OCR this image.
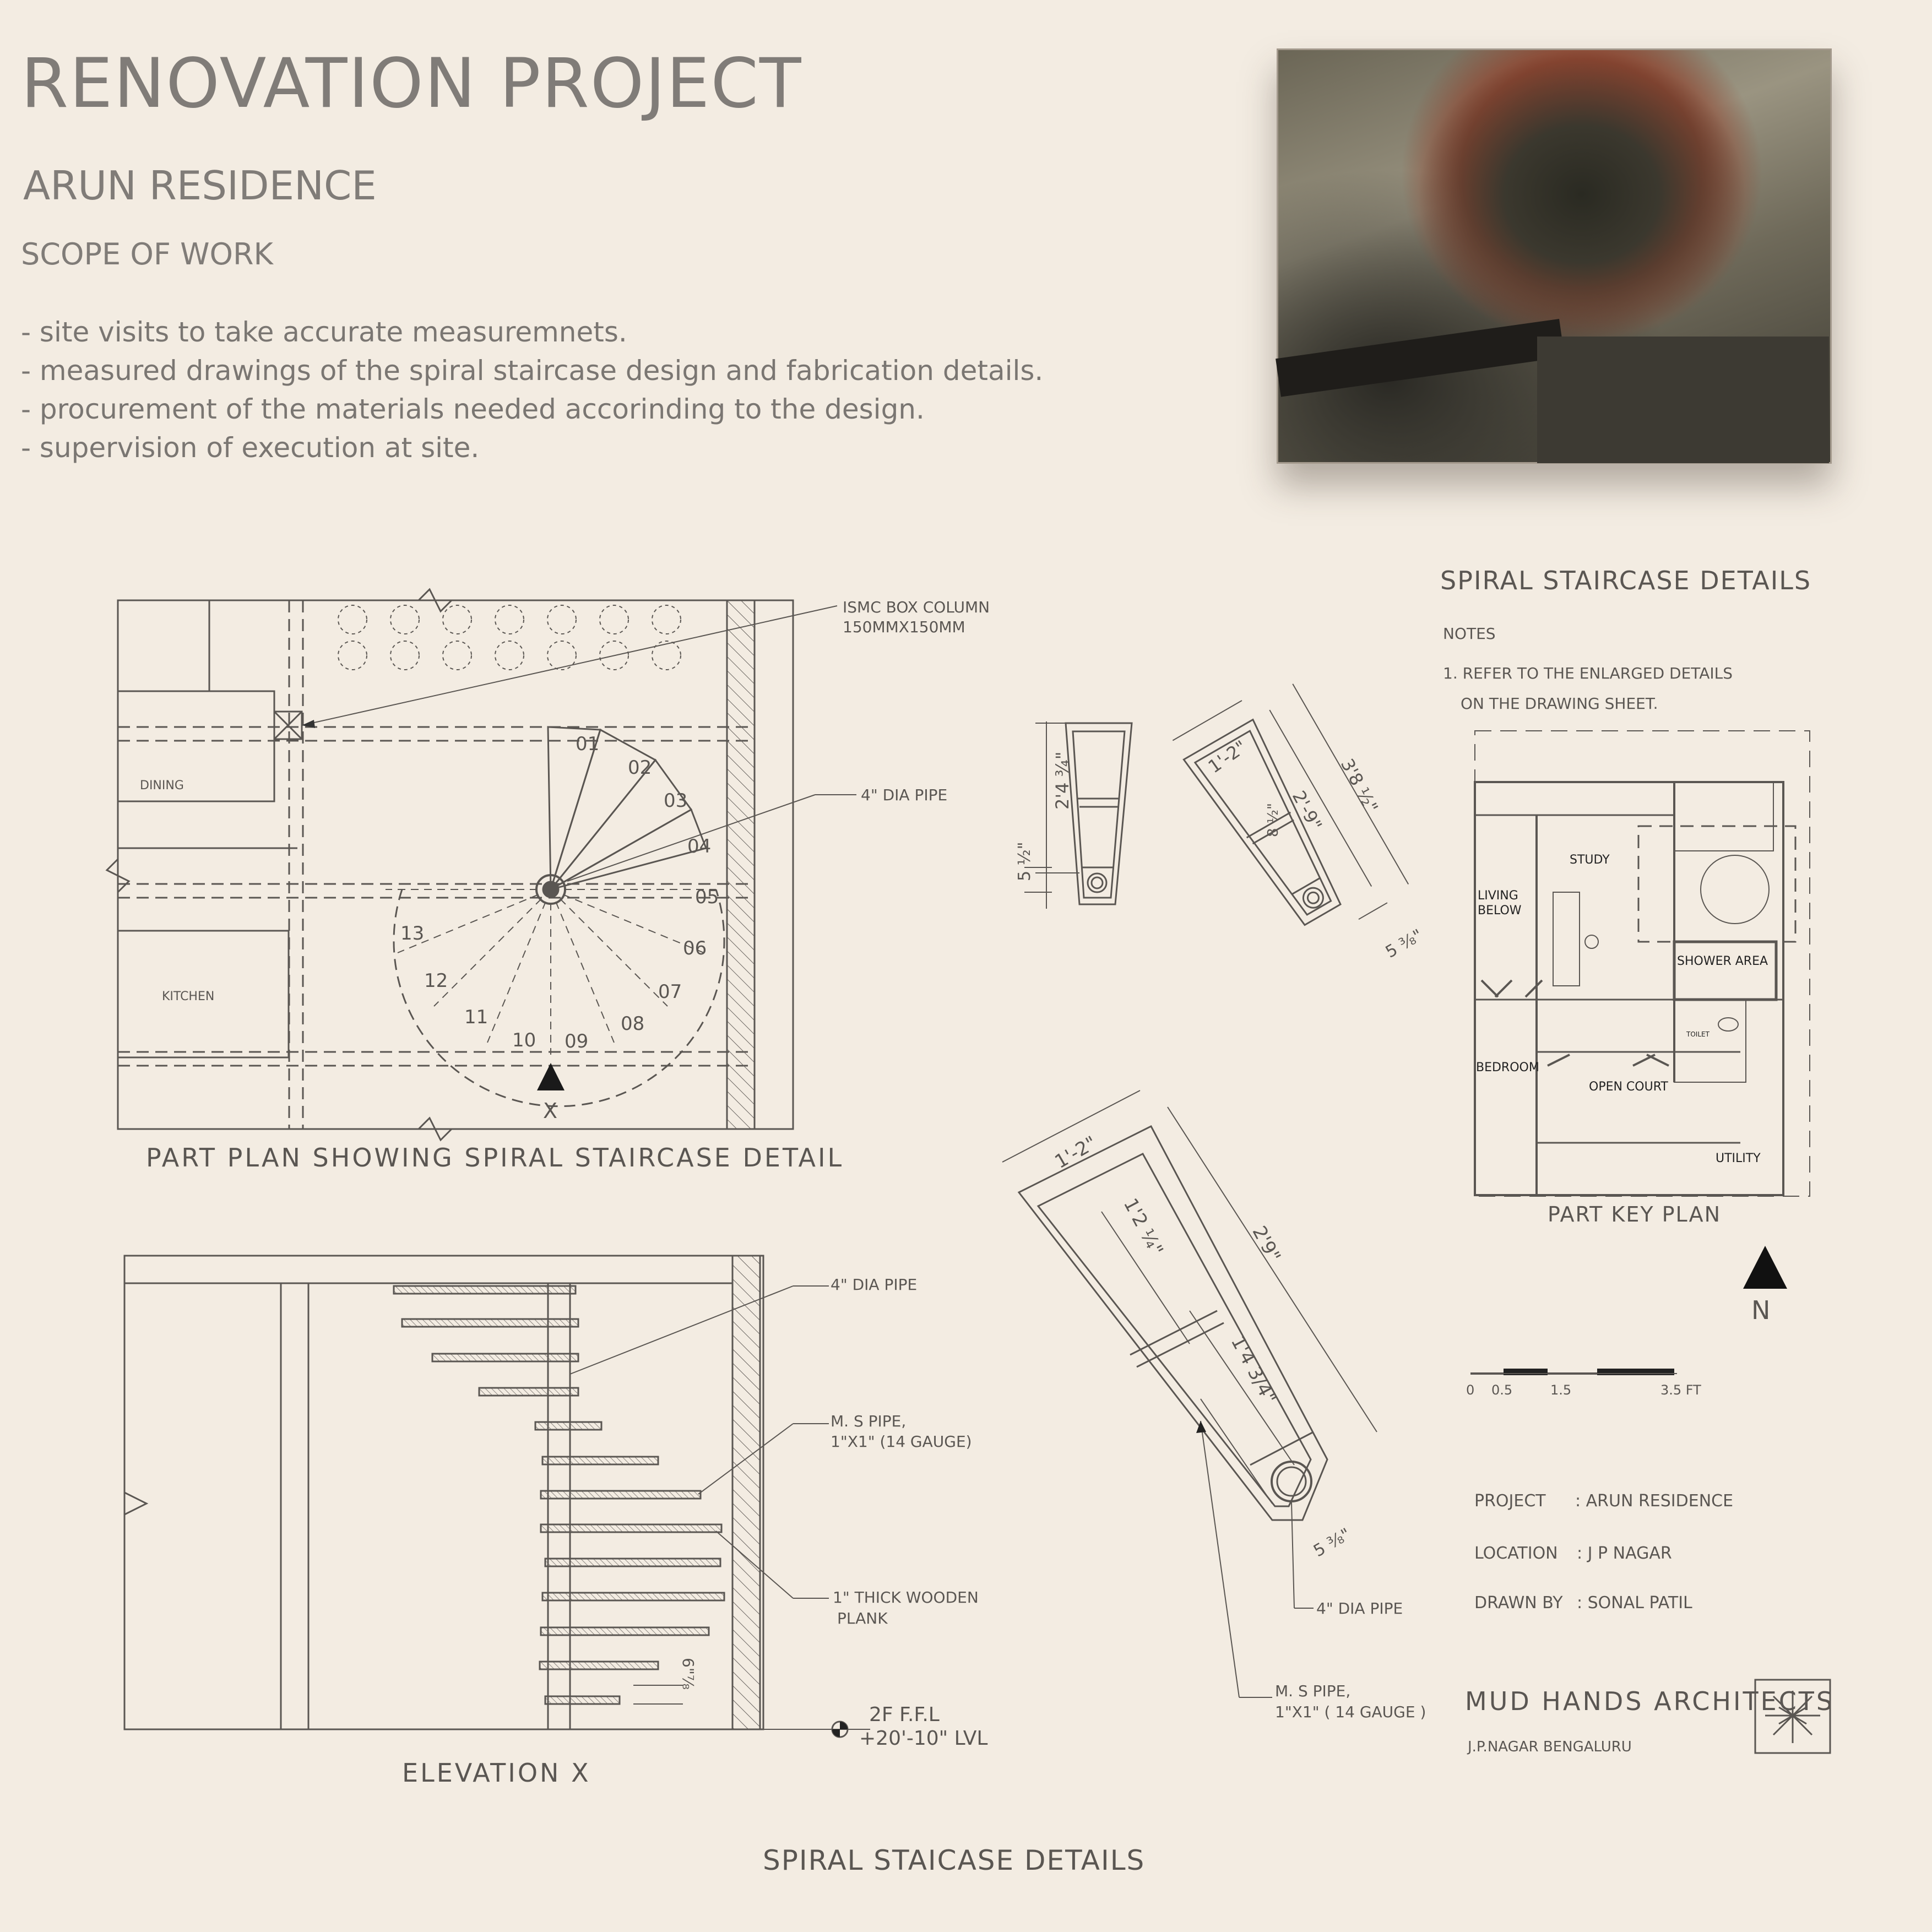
RENOVATION PROJECT
ARUN RESIDENCE
SCOPE OF WORK
- site visits to take accurate measuremnets.
- measured drawings of the spiral staircase design and fabrication details.
- procurement of the materials needed accorinding to the design.
- supervision of execution at site.
ISMC BOX COLUMN
150MMX150MM
4" DIA PIPE
DINING
KITCHEN
X
01
02
03
04
05
06
07
08
09
10
11
12
13
PART PLAN SHOWING SPIRAL STAIRCASE DETAIL
4" DIA PIPE
M. S PIPE,
1"X1" (14 GAUGE)
1" THICK WOODEN
PLANK
2F F.F.L
+20'-10" LVL
6"⅞
ELEVATION X
2'4 ¾"
5 ½"
1'-2"
2'-9" 3'8 ½"
5 ⅜"
8 ½"
1'-2"
1'2 ¼"	2'9"
1'4 3/4"
5 ⅜"
4" DIA PIPE
M. S PIPE,
1"X1" ( 14 GAUGE )
SPIRAL STAIRCASE DETAILS
NOTES
1. REFER TO THE ENLARGED DETAILS
ON THE DRAWING SHEET.
STUDY
LIVING
BELOW
SHOWER AREA
BEDROOM
OPEN COURT
UTILITY
TOILET
PART KEY PLAN
N
0 0.5	1.5	3.5 FT
PROJECT : ARUN RESIDENCE
LOCATION : J P NAGAR
DRAWN BY : SONAL PATIL
MUD HANDS ARCHITECTS
J.P.NAGAR BENGALURU
SPIRAL STAICASE DETAILS
